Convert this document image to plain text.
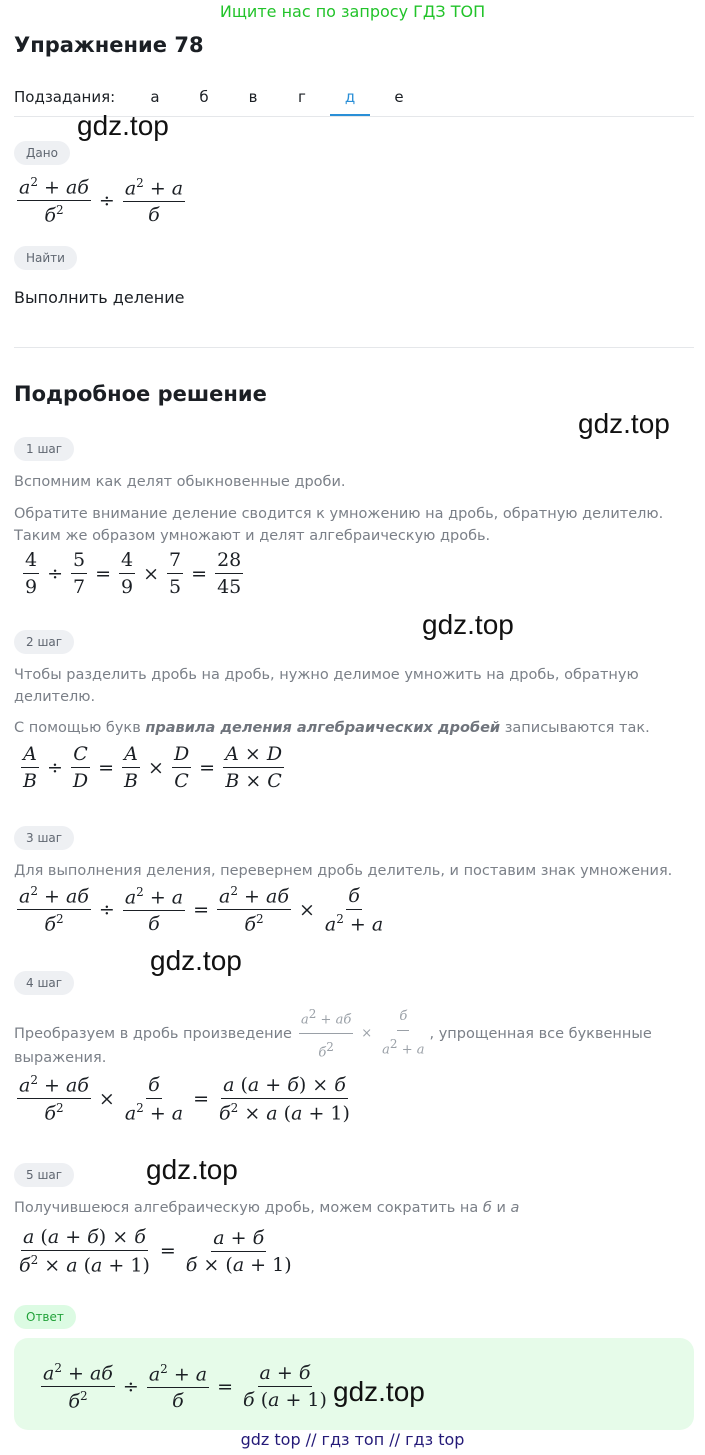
Ищите нас по запросу ГДЗ ТОП
Упражнение 78
Подзадания:	а	б	в	г	д	е
gdz.top
Дано
$\frac{a^2 + aб}{б^2} \div \frac{a^2 + a}{б}$
Найти
Выполнить деление
Подробное решение
gdz.top
1 шаг
Вспомним как делят обыкновенные дроби.
Обратите внимание деление сводится к умножению на дробь, обратную делителю.
Таким же образом умножают и делят алгебраическую дробь.
$\frac{4}{9} \div \frac{5}{7} = \frac{4}{9} \times \frac{7}{5} = \frac{28}{45}$
gdz.top
2 шаг
Чтобы разделить дробь на дробь, нужно делимое умножить на дробь, обратную
делителю.
С помощью букв правила деления алгебраических дробей записываются так.
$\frac{A}{B} \div \frac{C}{D} = \frac{A}{B} \times \frac{D}{C} = \frac{A \times D}{B \times C}$
3 шаг
Для выполнения деления, перевернем дробь делитель, и поставим знак умножения.
$\frac{a^2 + aб}{б^2} \div \frac{a^2 + a}{б} = \frac{a^2 + aб}{б^2} \times \frac{б}{a^2 + a}$
gdz.top
4 шаг
Преобразуем в дробь произведение $\frac{a^2 + aб}{б^2} \times \frac{б}{a^2 + a}$ , упрощенная все буквенные
выражения.
$\frac{a^2 + aб}{б^2} \times \frac{б}{a^2 + a} = \frac{a (a + б) \times б}{б^2 \times a (a + 1)}$
5 шаг	gdz.top
Получившеюся алгебраическую дробь, можем сократить на б и a
$\frac{a (a + б) \times б}{б^2 \times a (a + 1)} = \frac{a + б}{б \times (a + 1)}$
Ответ
$\frac{a^2 + aб}{б^2} \div \frac{a^2 + a}{б} = \frac{a + б}{б (a + 1)} gdz.top$
gdz top // гдз топ // гдз top
